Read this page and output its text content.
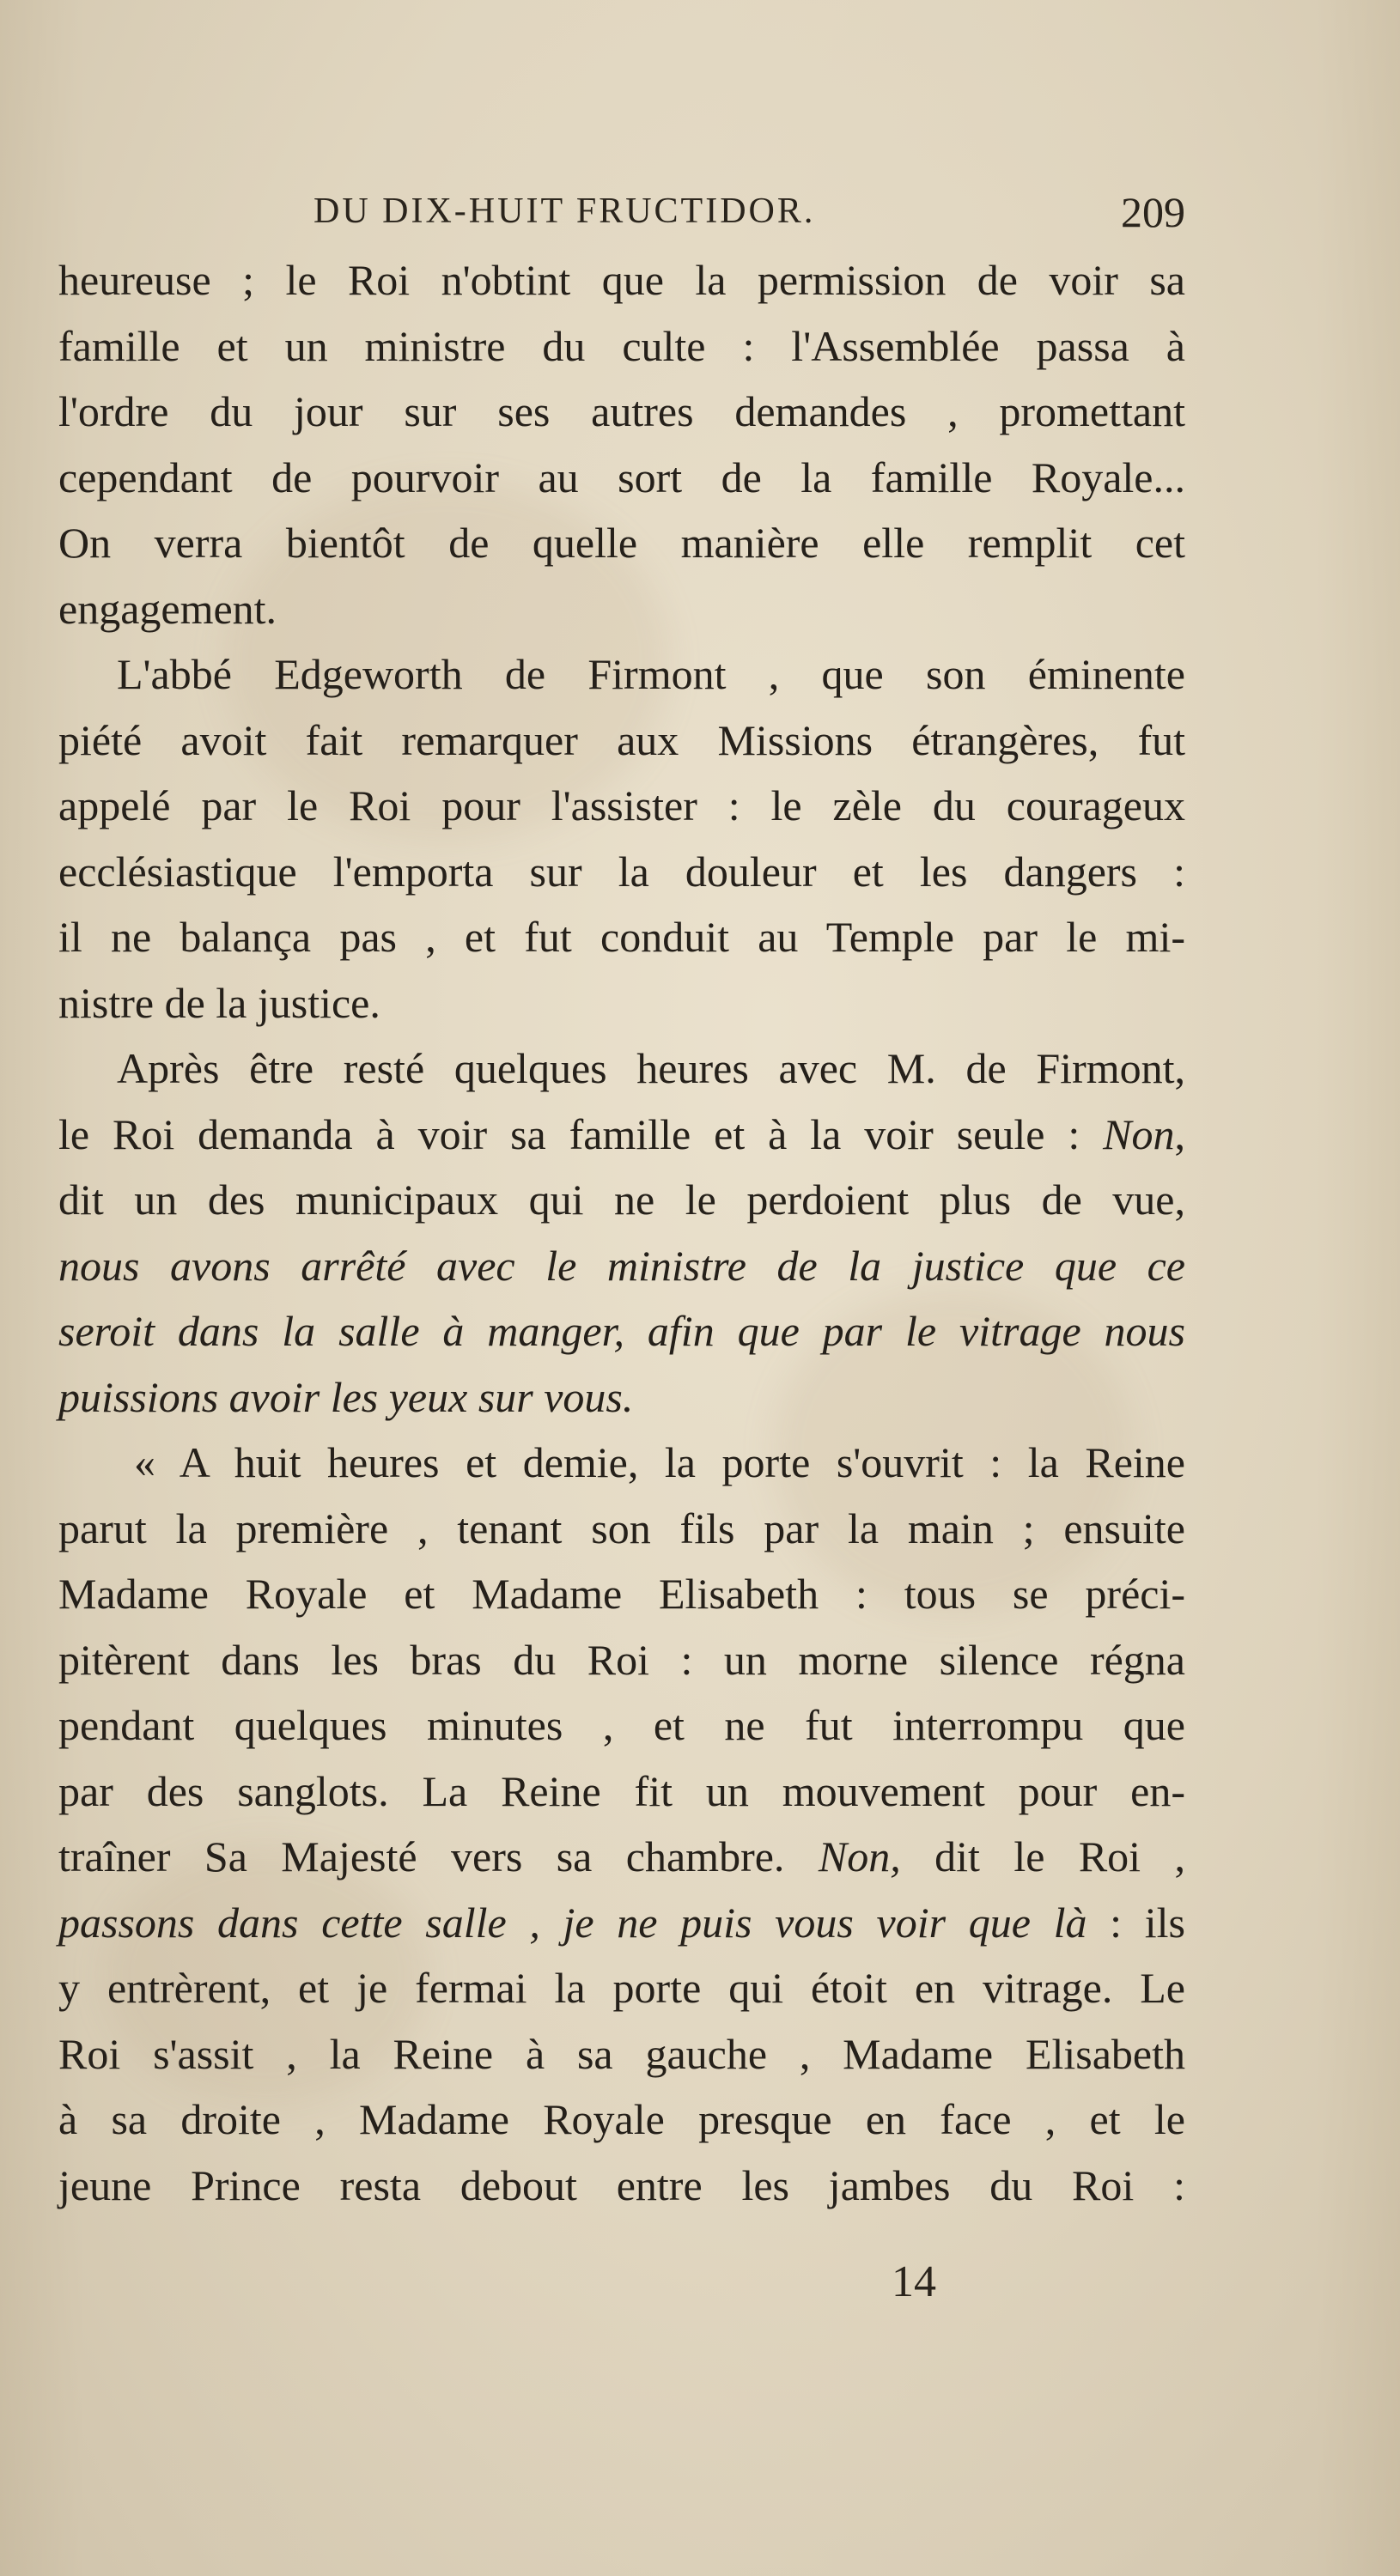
DU DIX-HUIT FRUCTIDOR.	209
heureuse ; le Roi n'obtint que la permission de voir sa
famille et un ministre du culte : l'Assemblée passa à
l'ordre du jour sur ses autres demandes , promettant
cependant de pourvoir au sort de la famille Royale...
On verra bientôt de quelle manière elle remplit cet
engagement.
L'abbé Edgeworth de Firmont , que son éminente
piété avoit fait remarquer aux Missions étrangères, fut
appelé par le Roi pour l'assister : le zèle du courageux
ecclésiastique l'emporta sur la douleur et les dangers :
il ne balança pas , et fut conduit au Temple par le mi-
nistre de la justice.
Après être resté quelques heures avec M. de Firmont,
le Roi demanda à voir sa famille et à la voir seule : Non,
dit un des municipaux qui ne le perdoient plus de vue,
nous avons arrêté avec le ministre de la justice que ce
seroit dans la salle à manger, afin que par le vitrage nous
puissions avoir les yeux sur vous.
« A huit heures et demie, la porte s'ouvrit : la Reine
parut la première , tenant son fils par la main ; ensuite
Madame Royale et Madame Elisabeth : tous se préci-
pitèrent dans les bras du Roi : un morne silence régna
pendant quelques minutes , et ne fut interrompu que
par des sanglots. La Reine fit un mouvement pour en-
traîner Sa Majesté vers sa chambre. Non, dit le Roi ,
passons dans cette salle , je ne puis vous voir que là : ils
y entrèrent, et je fermai la porte qui étoit en vitrage. Le
Roi s'assit , la Reine à sa gauche , Madame Elisabeth
à sa droite , Madame Royale presque en face , et le
jeune Prince resta debout entre les jambes du Roi :
14
